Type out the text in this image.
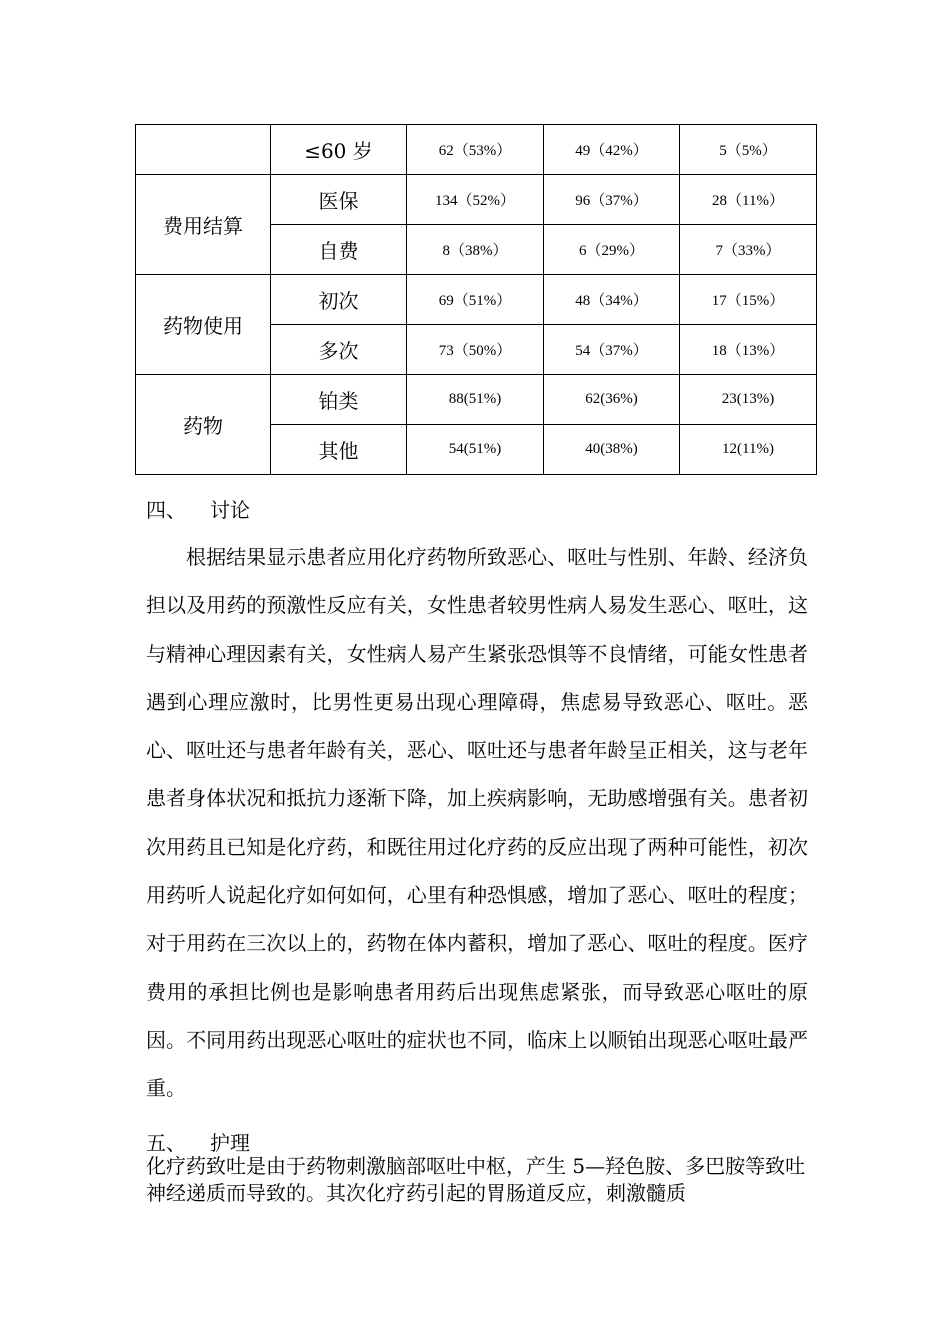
	≤60 岁	62（53%）	49（42%）	5（5%）
费用结算	医保	134（52%）	96（37%）	28（11%）
	自费	8（38%）	6（29%）	7（33%）
药物使用	初次	69（51%）	48（34%）	17（15%）
	多次	73（50%）	54（37%）	18（13%）
药物	铂类	88(51%)	62(36%)	23(13%)
	其他	54(51%)	40(38%)	12(11%)
四、 讨论

根据结果显示患者应用化疗药物所致恶心、呕吐与性别、年龄、经济负担以及用药的预激性反应有关，女性患者较男性病人易发生恶心、呕吐，这与精神心理因素有关，女性病人易产生紧张恐惧等不良情绪，可能女性患者遇到心理应激时，比男性更易出现心理障碍，焦虑易导致恶心、呕吐。恶心、呕吐还与患者年龄有关，恶心、呕吐还与患者年龄呈正相关，这与老年患者身体状况和抵抗力逐渐下降，加上疾病影响，无助感增强有关。患者初次用药且已知是化疗药，和既往用过化疗药的反应出现了两种可能性，初次用药听人说起化疗如何如何，心里有种恐惧感，增加了恶心、呕吐的程度；对于用药在三次以上的，药物在体内蓄积，增加了恶心、呕吐的程度。医疗费用的承担比例也是影响患者用药后出现焦虑紧张，而导致恶心呕吐的原因。不同用药出现恶心呕吐的症状也不同，临床上以顺铂出现恶心呕吐最严重。

五、 护理

化疗药致吐是由于药物刺激脑部呕吐中枢，产生 5—羟色胺、多巴胺等致吐神经递质而导致的。其次化疗药引起的胃肠道反应，刺激髓质
